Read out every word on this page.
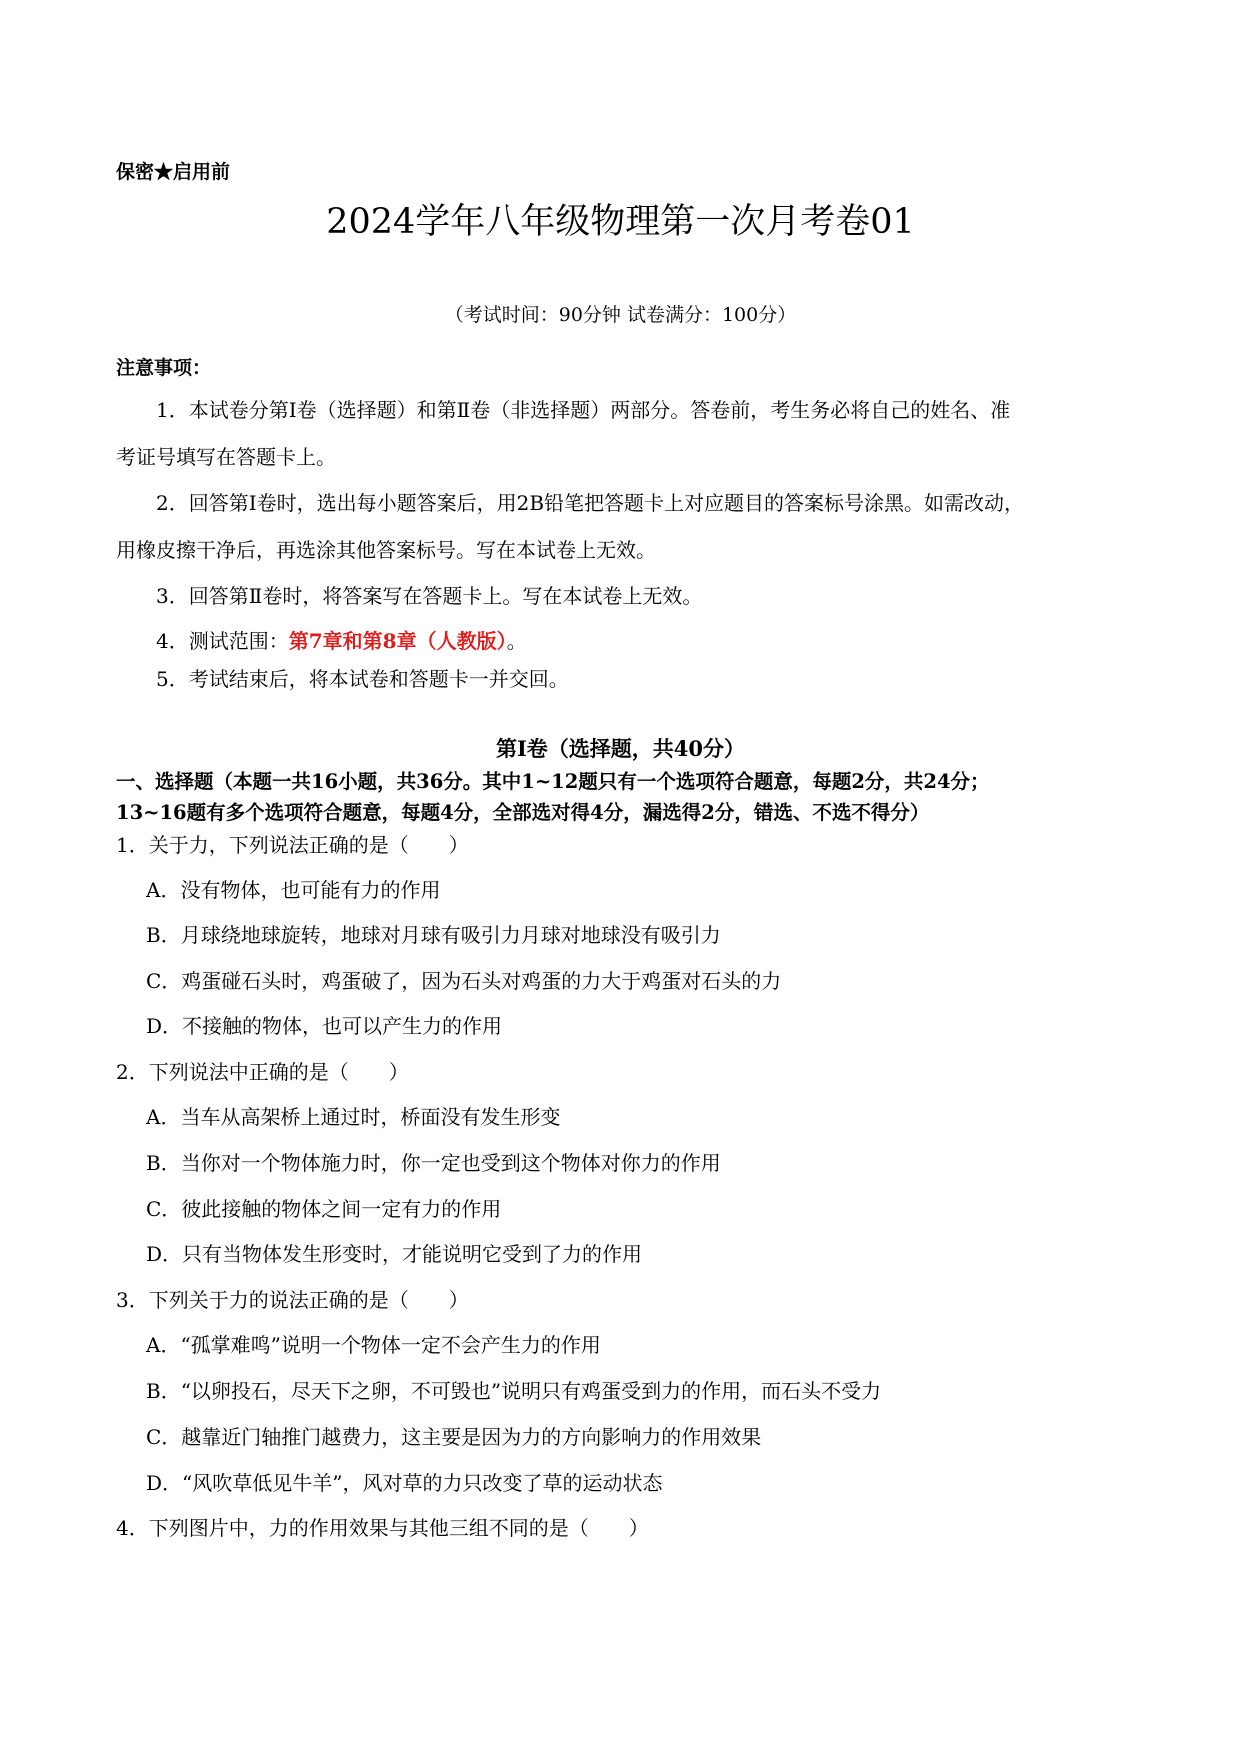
保密★启用前
2024学年八年级物理第一次月考卷01
（考试时间：90分钟 试卷满分：100分）
注意事项：
1．本试卷分第Ⅰ卷（选择题）和第Ⅱ卷（非选择题）两部分。答卷前，考生务必将自己的姓名、准
考证号填写在答题卡上。
2．回答第Ⅰ卷时，选出每小题答案后，用2B铅笔把答题卡上对应题目的答案标号涂黑。如需改动，
用橡皮擦干净后，再选涂其他答案标号。写在本试卷上无效。
3．回答第Ⅱ卷时，将答案写在答题卡上。写在本试卷上无效。
4．测试范围：第7章和第8章（人教版）。
5．考试结束后，将本试卷和答题卡一并交回。
第Ⅰ卷（选择题，共40分）
一、选择题（本题一共16小题，共36分。其中1~12题只有一个选项符合题意，每题2分，共24分；
13~16题有多个选项符合题意，每题4分，全部选对得4分，漏选得2分，错选、不选不得分）
1．关于力，下列说法正确的是（　　）
A．没有物体，也可能有力的作用
B．月球绕地球旋转，地球对月球有吸引力月球对地球没有吸引力
C．鸡蛋碰石头时，鸡蛋破了，因为石头对鸡蛋的力大于鸡蛋对石头的力
D．不接触的物体，也可以产生力的作用
2．下列说法中正确的是（　　）
A．当车从高架桥上通过时，桥面没有发生形变
B．当你对一个物体施力时，你一定也受到这个物体对你力的作用
C．彼此接触的物体之间一定有力的作用
D．只有当物体发生形变时，才能说明它受到了力的作用
3．下列关于力的说法正确的是（　　）
A．“孤掌难鸣”说明一个物体一定不会产生力的作用
B．“以卵投石，尽天下之卵，不可毁也”说明只有鸡蛋受到力的作用，而石头不受力
C．越靠近门轴推门越费力，这主要是因为力的方向影响力的作用效果
D．“风吹草低见牛羊”，风对草的力只改变了草的运动状态
4．下列图片中，力的作用效果与其他三组不同的是（　　）
